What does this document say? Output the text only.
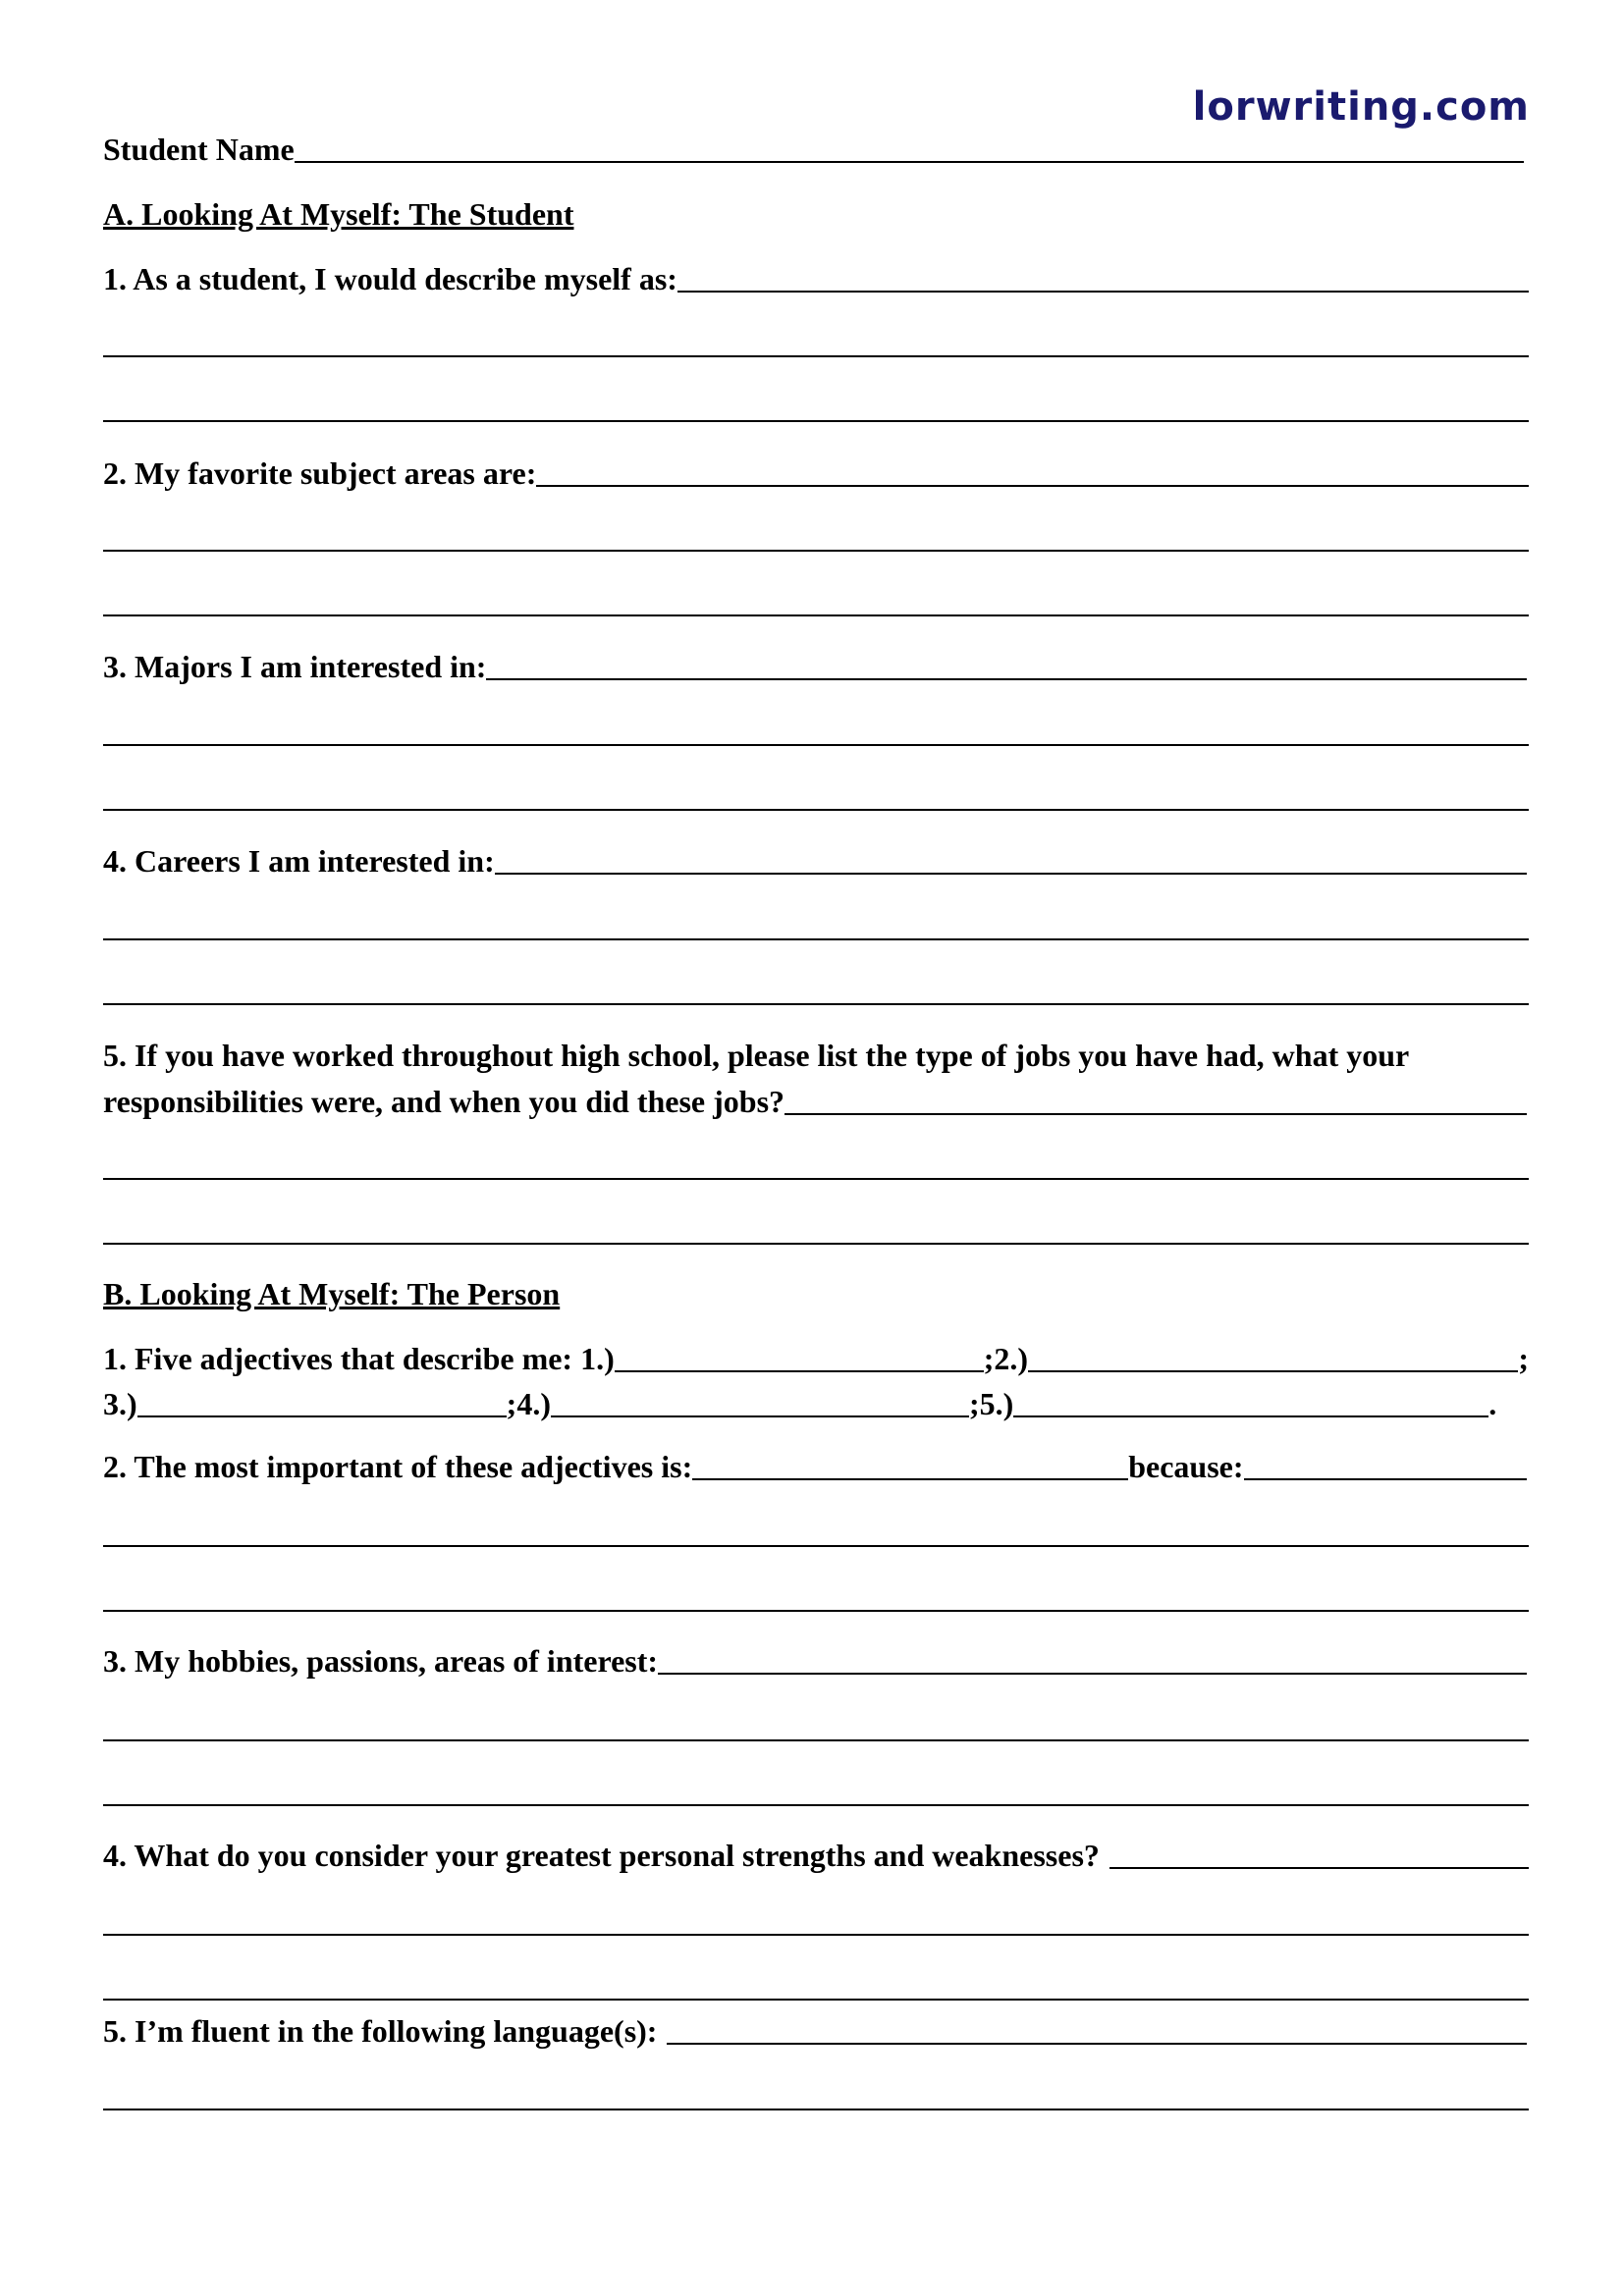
lorwriting.com
Student Name
A. Looking At Myself: The Student
1. As a student, I would describe myself as:
2. My favorite subject areas are:
3. Majors I am interested in:
4. Careers I am interested in:
5. If you have worked throughout high school, please list the type of jobs you have had, what your
responsibilities were, and when you did these jobs?
B. Looking At Myself: The Person
1. Five adjectives that describe me: 1.)	;2.)	;
3.)	;4.)	;5.)	.
2. The most important of these adjectives is:	because:
3. My hobbies, passions, areas of interest:
4. What do you consider your greatest personal strengths and weaknesses?
5. I’m fluent in the following language(s):
